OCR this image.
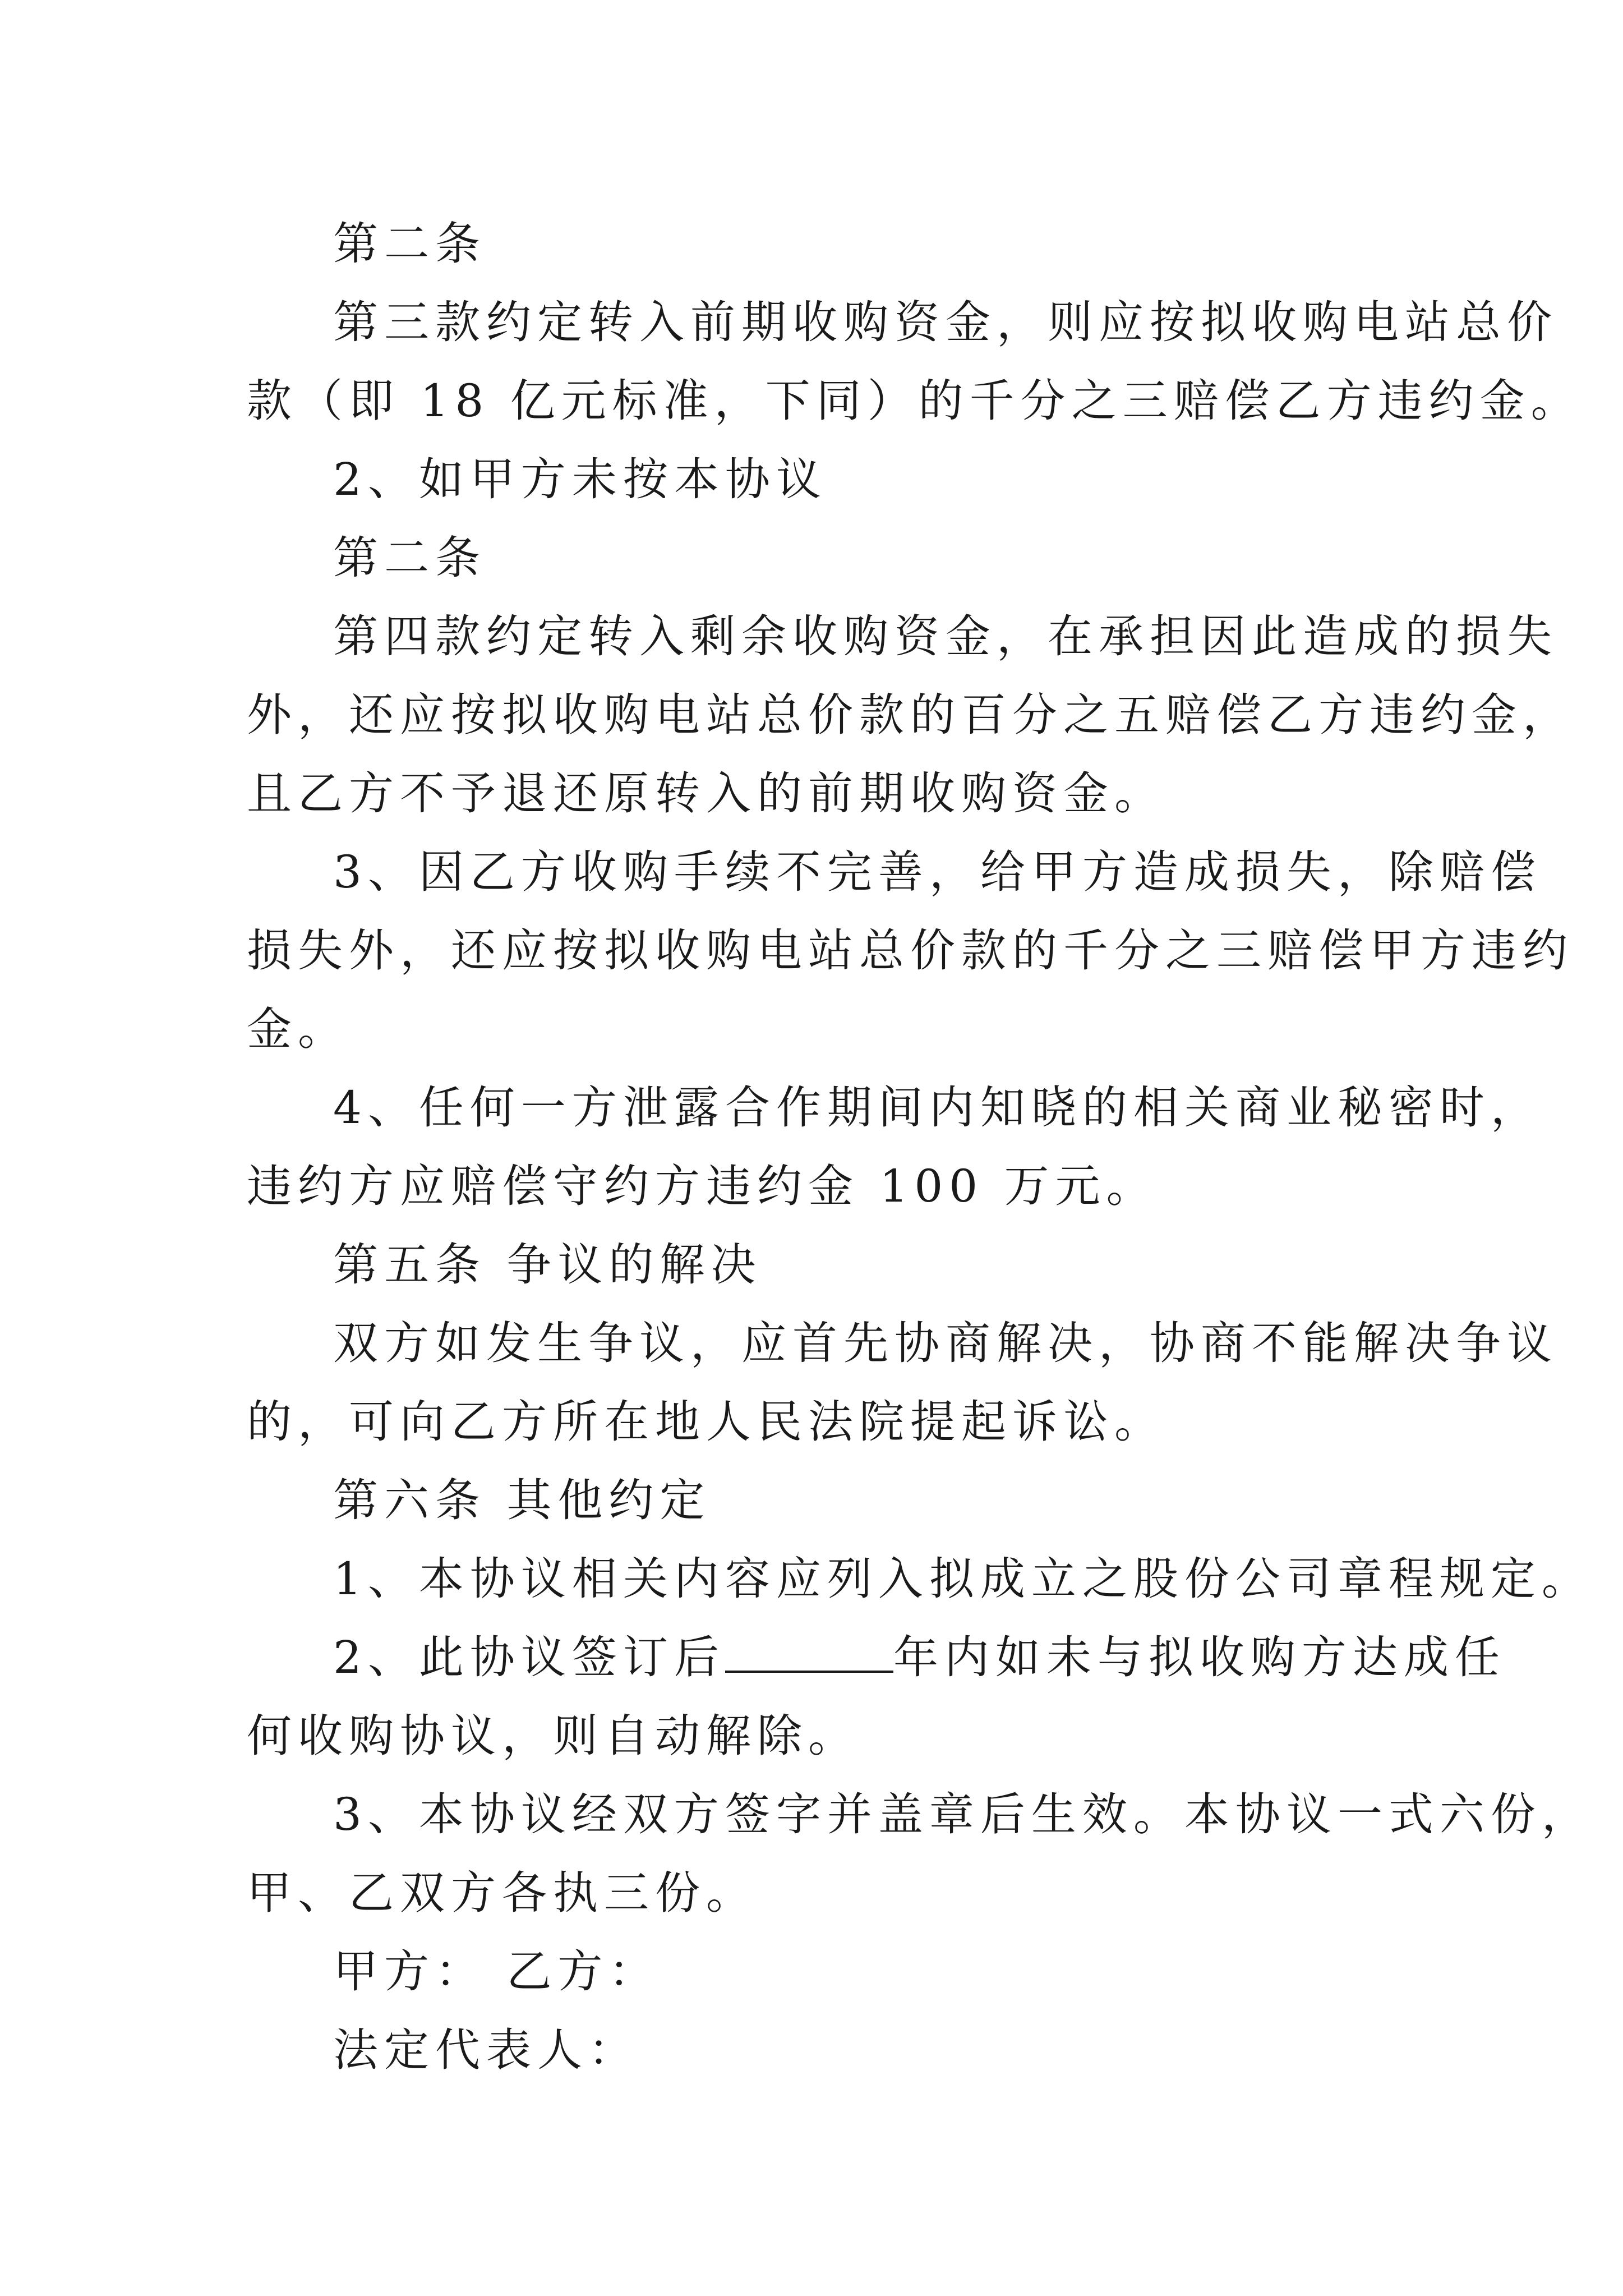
第二条

第三款约定转入前期收购资金，则应按拟收购电站总价

款（即 18 亿元标准，下同）的千分之三赔偿乙方违约金。

2、如甲方未按本协议

第二条

第四款约定转入剩余收购资金，在承担因此造成的损失

外，还应按拟收购电站总价款的百分之五赔偿乙方违约金，

且乙方不予退还原转入的前期收购资金。

3、因乙方收购手续不完善，给甲方造成损失，除赔偿

损失外，还应按拟收购电站总价款的千分之三赔偿甲方违约

金。

4、任何一方泄露合作期间内知晓的相关商业秘密时，

违约方应赔偿守约方违约金 100 万元。

第五条 争议的解决

双方如发生争议，应首先协商解决，协商不能解决争议

的，可向乙方所在地人民法院提起诉讼。

第六条 其他约定

1、本协议相关内容应列入拟成立之股份公司章程规定。

2、此协议签订后	年内如未与拟收购方达成任

何收购协议，则自动解除。

3、本协议经双方签字并盖章后生效。本协议一式六份，

甲、乙双方各执三份。

甲方： 乙方：

法定代表人：
